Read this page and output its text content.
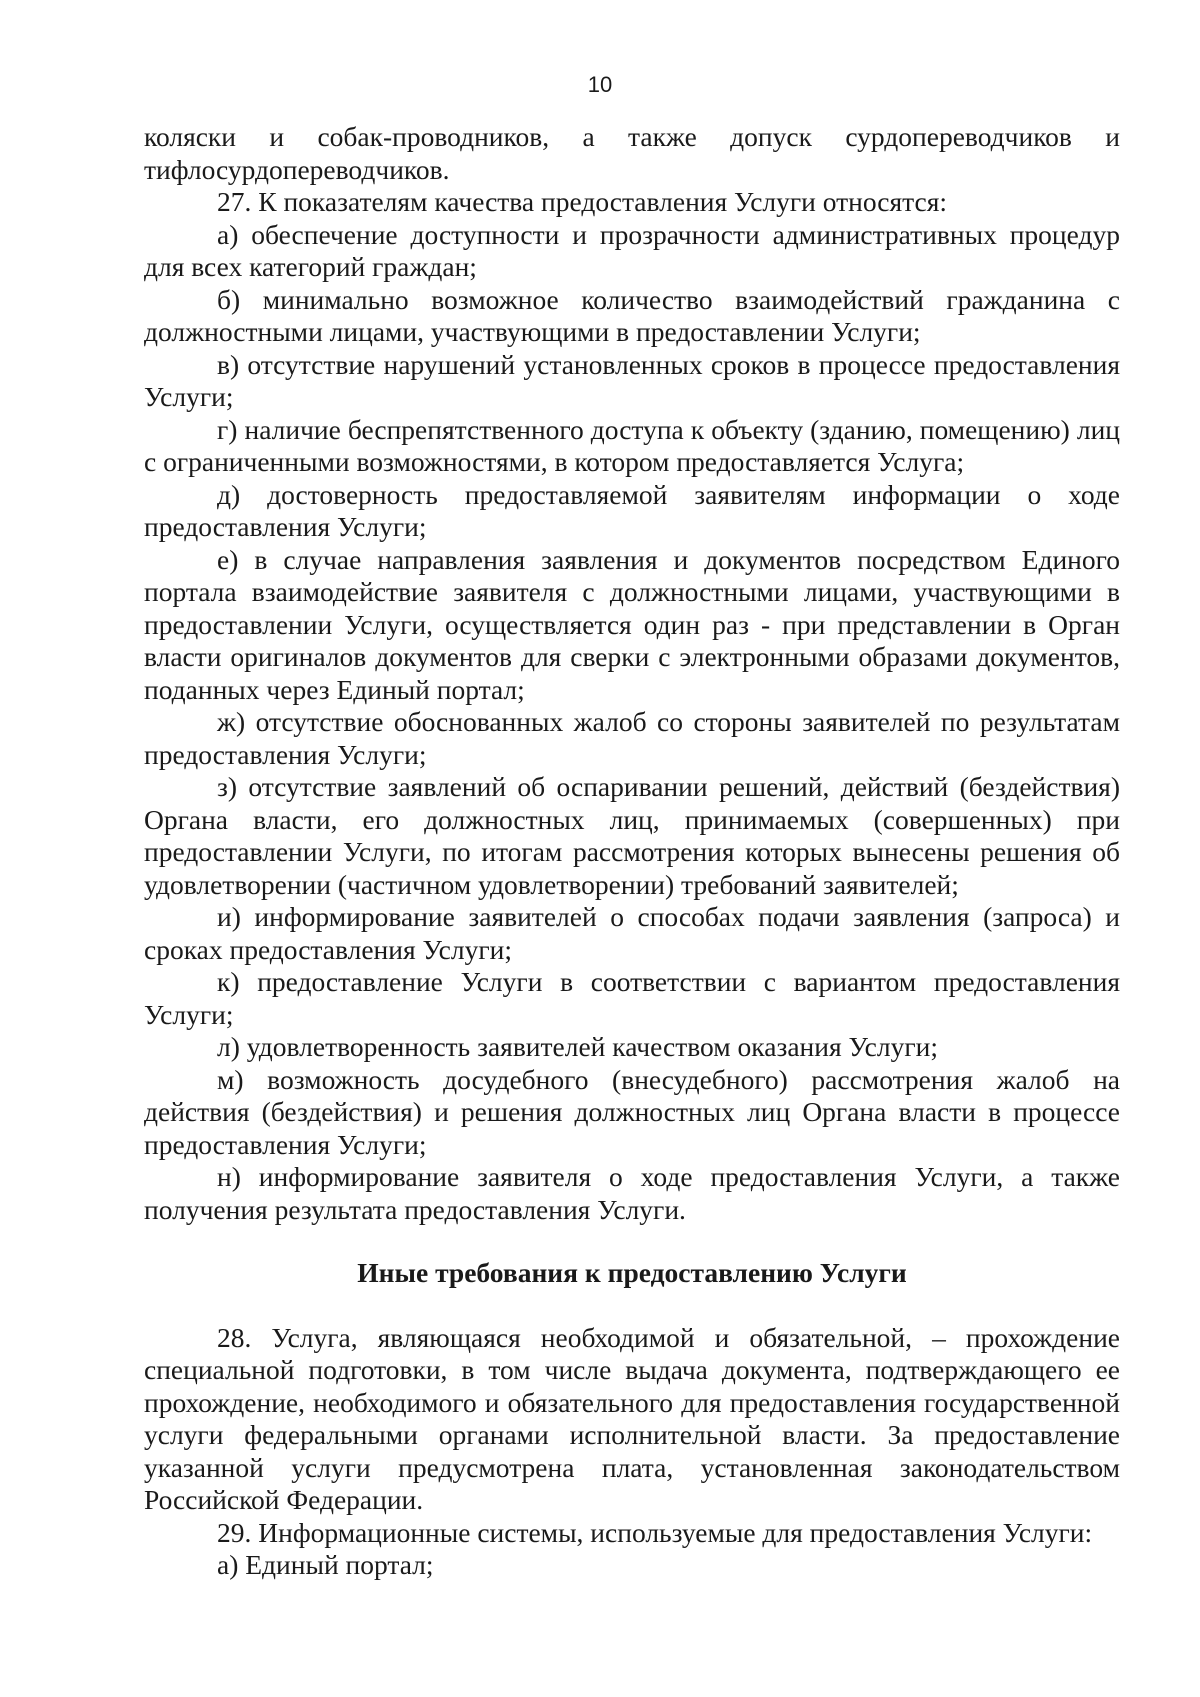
10

коляски и собак-проводников, а также допуск сурдопереводчиков и тифлосурдопереводчиков.

27. К показателям качества предоставления Услуги относятся:

а) обеспечение доступности и прозрачности административных процедур для всех категорий граждан;

б) минимально возможное количество взаимодействий гражданина с должностными лицами, участвующими в предоставлении Услуги;

в) отсутствие нарушений установленных сроков в процессе предоставления Услуги;

г) наличие беспрепятственного доступа к объекту (зданию, помещению) лиц с ограниченными возможностями, в котором предоставляется Услуга;

д) достоверность предоставляемой заявителям информации о ходе предоставления Услуги;

е) в случае направления заявления и документов посредством Единого портала взаимодействие заявителя с должностными лицами, участвующими в предоставлении Услуги, осуществляется один раз - при представлении в Орган власти оригиналов документов для сверки с электронными образами документов, поданных через Единый портал;

ж) отсутствие обоснованных жалоб со стороны заявителей по результатам предоставления Услуги;

з) отсутствие заявлений об оспаривании решений, действий (бездействия) Органа власти, его должностных лиц, принимаемых (совершенных) при предоставлении Услуги, по итогам рассмотрения которых вынесены решения об удовлетворении (частичном удовлетворении) требований заявителей;

и) информирование заявителей о способах подачи заявления (запроса) и сроках предоставления Услуги;

к) предоставление Услуги в соответствии с вариантом предоставления Услуги;

л) удовлетворенность заявителей качеством оказания Услуги;

м) возможность досудебного (внесудебного) рассмотрения жалоб на действия (бездействия) и решения должностных лиц Органа власти в процессе предоставления Услуги;

н) информирование заявителя о ходе предоставления Услуги, а также получения результата предоставления Услуги.

Иные требования к предоставлению Услуги

28. Услуга, являющаяся необходимой и обязательной, – прохождение специальной подготовки, в том числе выдача документа, подтверждающего ее прохождение, необходимого и обязательного для предоставления государственной услуги федеральными органами исполнительной власти. За предоставление указанной услуги предусмотрена плата, установленная законодательством Российской Федерации.

29. Информационные системы, используемые для предоставления Услуги:

а) Единый портал;
